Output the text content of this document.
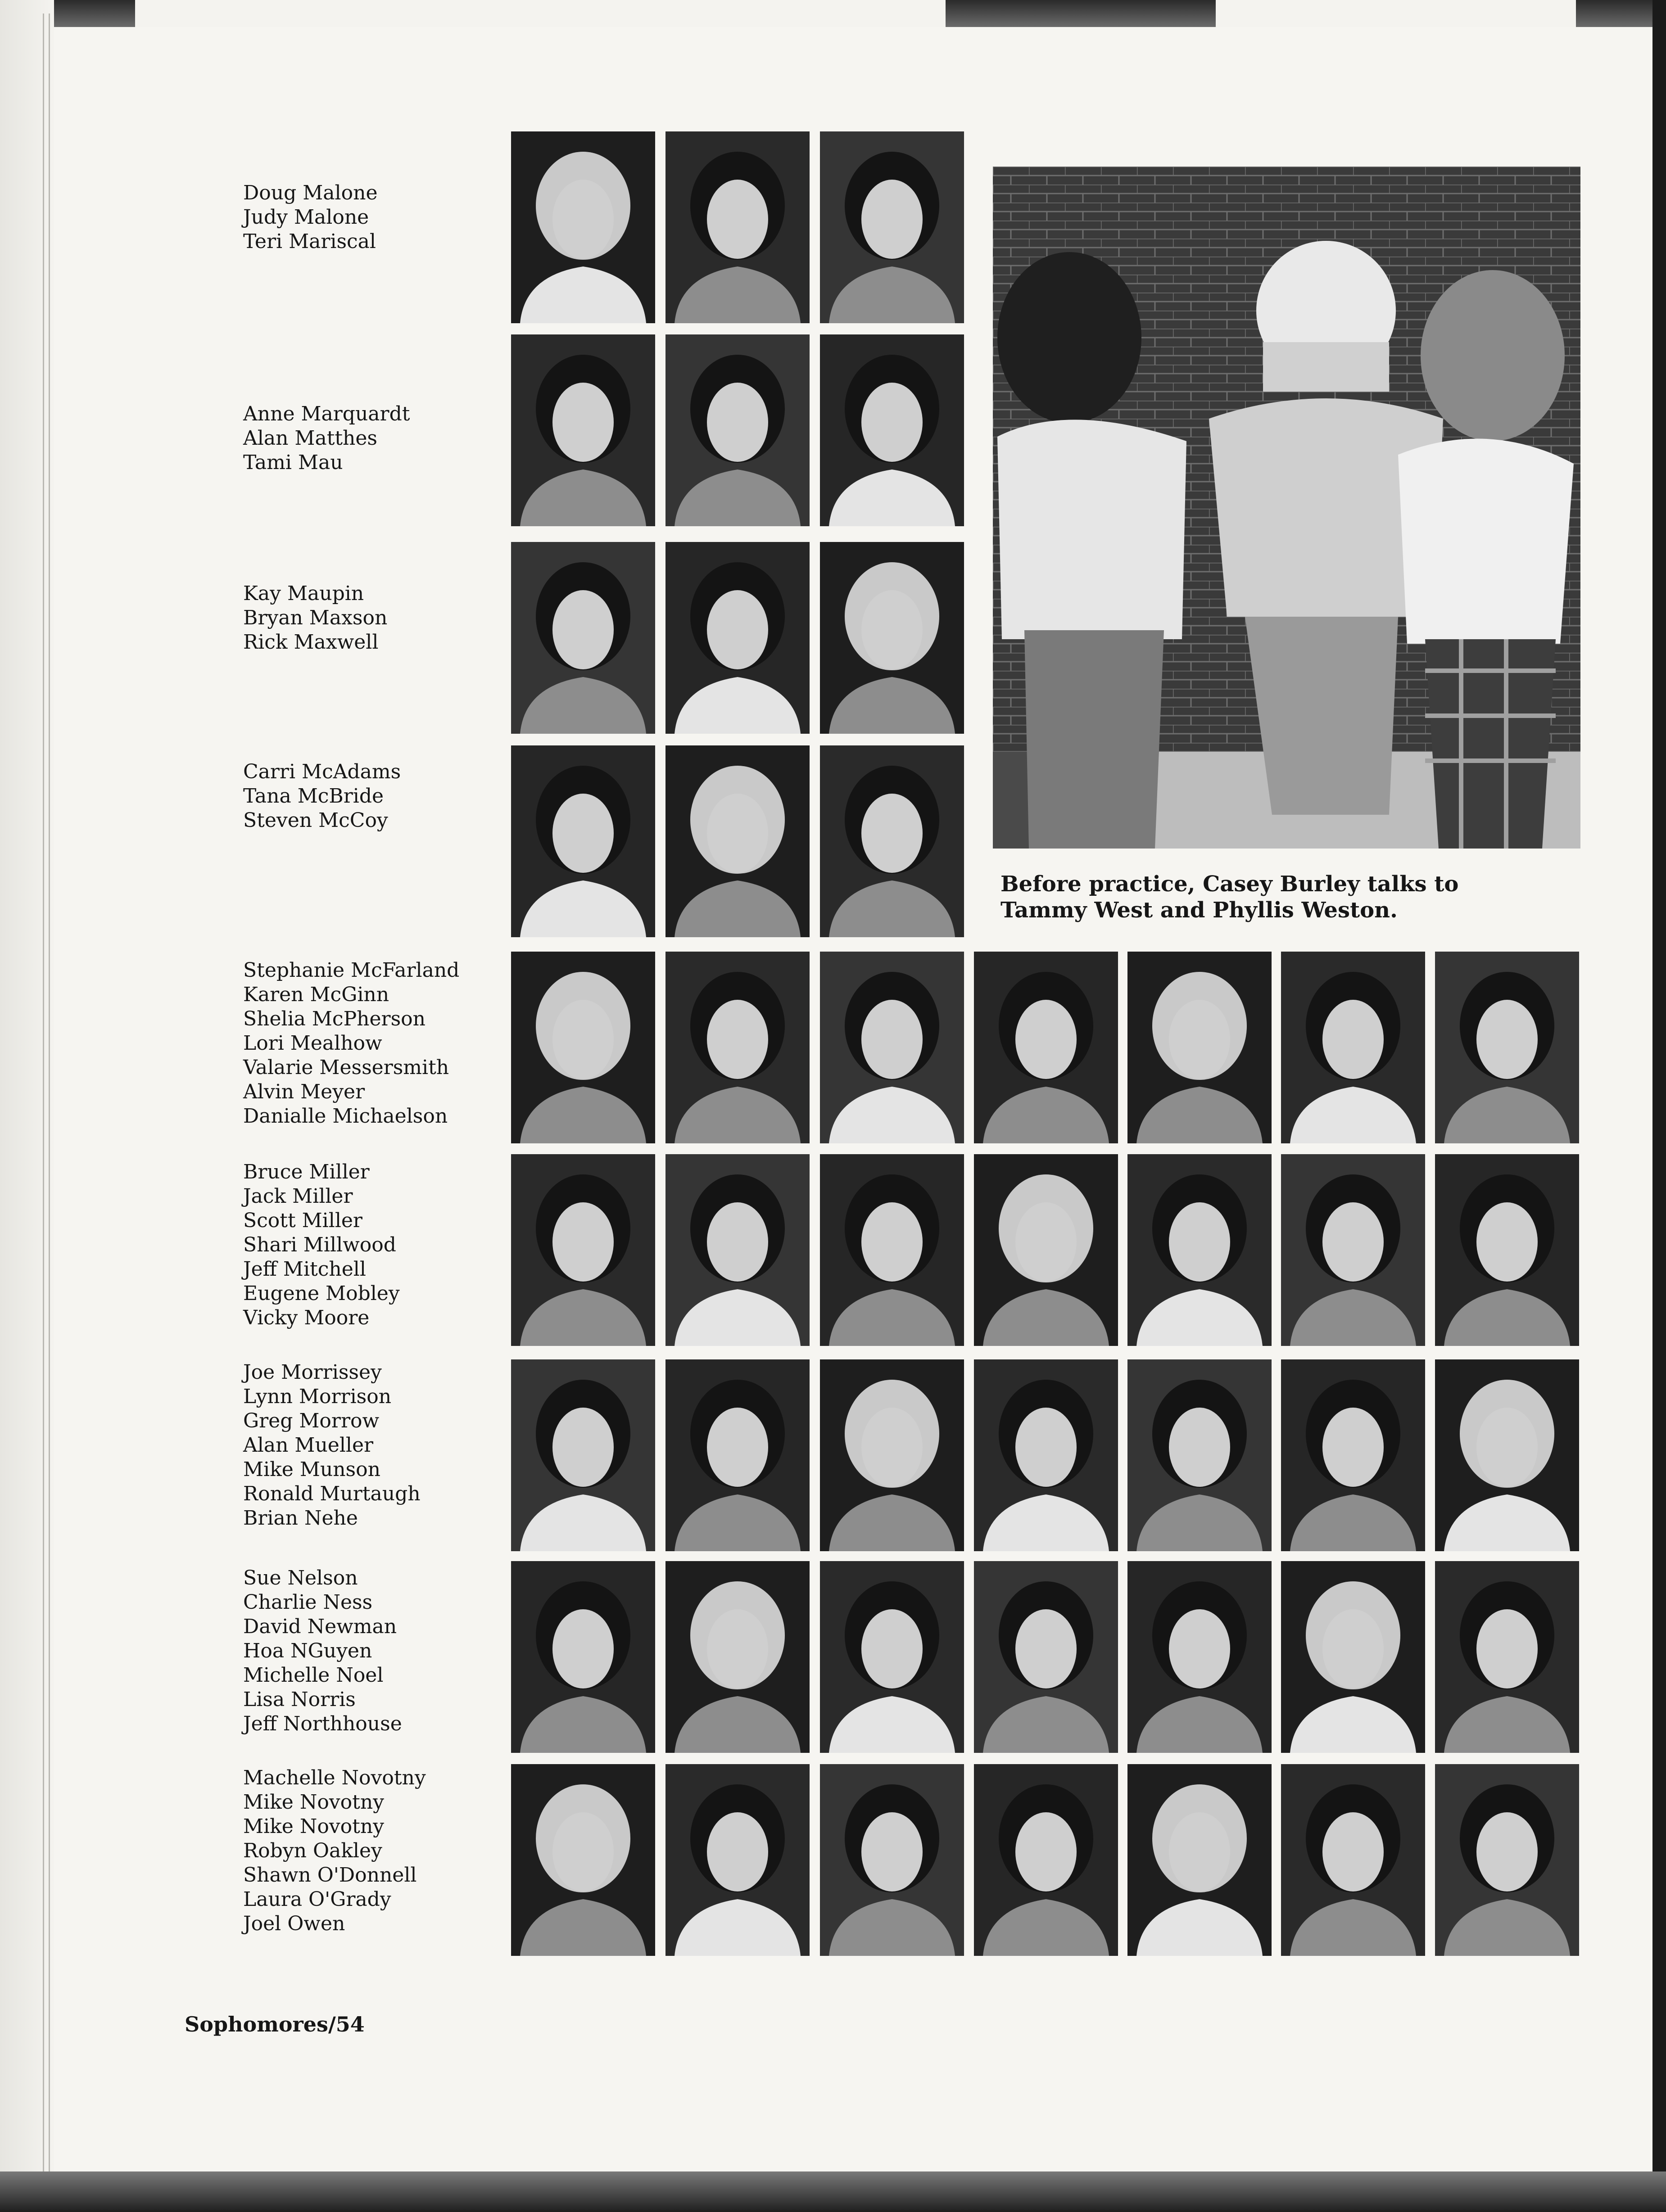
Doug Malone
Judy Malone
Teri Mariscal
Anne Marquardt
Alan Matthes
Tami Mau
Kay Maupin
Bryan Maxson
Rick Maxwell
Carri McAdams
Tana McBride
Steven McCoy
Stephanie McFarland
Karen McGinn
Shelia McPherson
Lori Mealhow
Valarie Messersmith
Alvin Meyer
Danialle Michaelson
Bruce Miller
Jack Miller
Scott Miller
Shari Millwood
Jeff Mitchell
Eugene Mobley
Vicky Moore
Joe Morrissey
Lynn Morrison
Greg Morrow
Alan Mueller
Mike Munson
Ronald Murtaugh
Brian Nehe
Sue Nelson
Charlie Ness
David Newman
Hoa NGuyen
Michelle Noel
Lisa Norris
Jeff Northhouse
Machelle Novotny
Mike Novotny
Mike Novotny
Robyn Oakley
Shawn O'Donnell
Laura O'Grady
Joel Owen
Before practice, Casey Burley talks to
Tammy West and Phyllis Weston.
Sophomores/54
